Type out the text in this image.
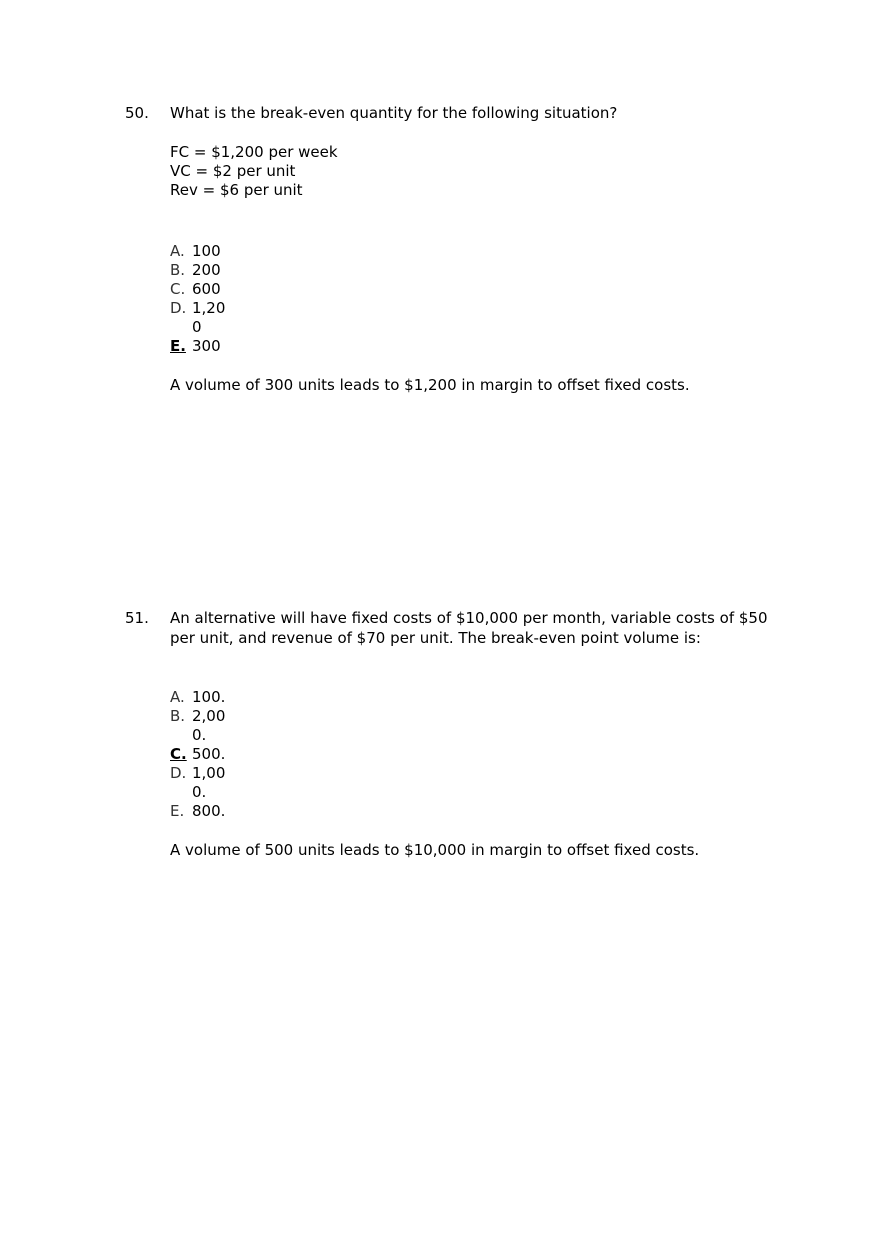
50. What is the break-even quantity for the following situation?

FC = $1,200 per week
VC = $2 per unit
Rev = $6 per unit
A. 100
B. 200
C. 600
D. 1,200
E. 300

A volume of 300 units leads to $1,200 in margin to offset fixed costs.

51. An alternative will have fixed costs of $10,000 per month, variable costs of $50 per unit, and revenue of $70 per unit. The break-even point volume is:

A. 100.
B. 2,000.
C. 500.
D. 1,000.
E. 800.

A volume of 500 units leads to $10,000 in margin to offset fixed costs.
